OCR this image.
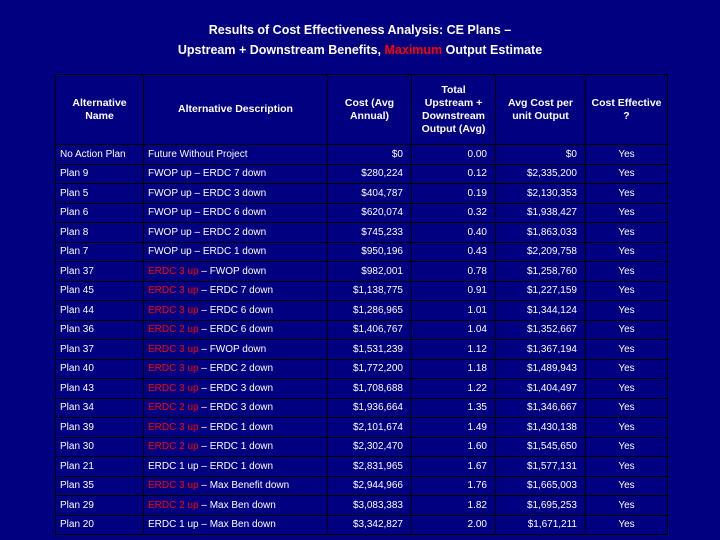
Results of Cost Effectiveness Analysis: CE Plans –
Upstream + Downstream Benefits, Maximum Output Estimate
Alternative Name	Alternative Description	Cost (Avg Annual)	Total Upstream + Downstream Output (Avg)	Avg Cost per unit Output	Cost Effective ?
No Action Plan	Future Without Project	$0	0.00	$0	Yes
Plan 9	FWOP up – ERDC 7 down	$280,224	0.12	$2,335,200	Yes
Plan 5	FWOP up – ERDC 3 down	$404,787	0.19	$2,130,353	Yes
Plan 6	FWOP up – ERDC 6 down	$620,074	0.32	$1,938,427	Yes
Plan 8	FWOP up – ERDC 2 down	$745,233	0.40	$1,863,033	Yes
Plan 7	FWOP up – ERDC 1 down	$950,196	0.43	$2,209,758	Yes
Plan 37	ERDC 3 up – FWOP down	$982,001	0.78	$1,258,760	Yes
Plan 45	ERDC 3 up – ERDC 7 down	$1,138,775	0.91	$1,227,159	Yes
Plan 44	ERDC 3 up – ERDC 6 down	$1,286,965	1.01	$1,344,124	Yes
Plan 36	ERDC 2 up – ERDC 6 down	$1,406,767	1.04	$1,352,667	Yes
Plan 37	ERDC 3 up – FWOP down	$1,531,239	1.12	$1,367,194	Yes
Plan 40	ERDC 3 up – ERDC 2 down	$1,772,200	1.18	$1,489,943	Yes
Plan 43	ERDC 3 up – ERDC 3 down	$1,708,688	1.22	$1,404,497	Yes
Plan 34	ERDC 2 up – ERDC 3 down	$1,936,664	1.35	$1,346,667	Yes
Plan 39	ERDC 3 up – ERDC 1 down	$2,101,674	1.49	$1,430,138	Yes
Plan 30	ERDC 2 up – ERDC 1 down	$2,302,470	1.60	$1,545,650	Yes
Plan 21	ERDC 1 up – ERDC 1 down	$2,831,965	1.67	$1,577,131	Yes
Plan 35	ERDC 3 up – Max Benefit down	$2,944,966	1.76	$1,665,003	Yes
Plan 29	ERDC 2 up – Max Ben down	$3,083,383	1.82	$1,695,253	Yes
Plan 20	ERDC 1 up – Max Ben down	$3,342,827	2.00	$1,671,211	Yes
